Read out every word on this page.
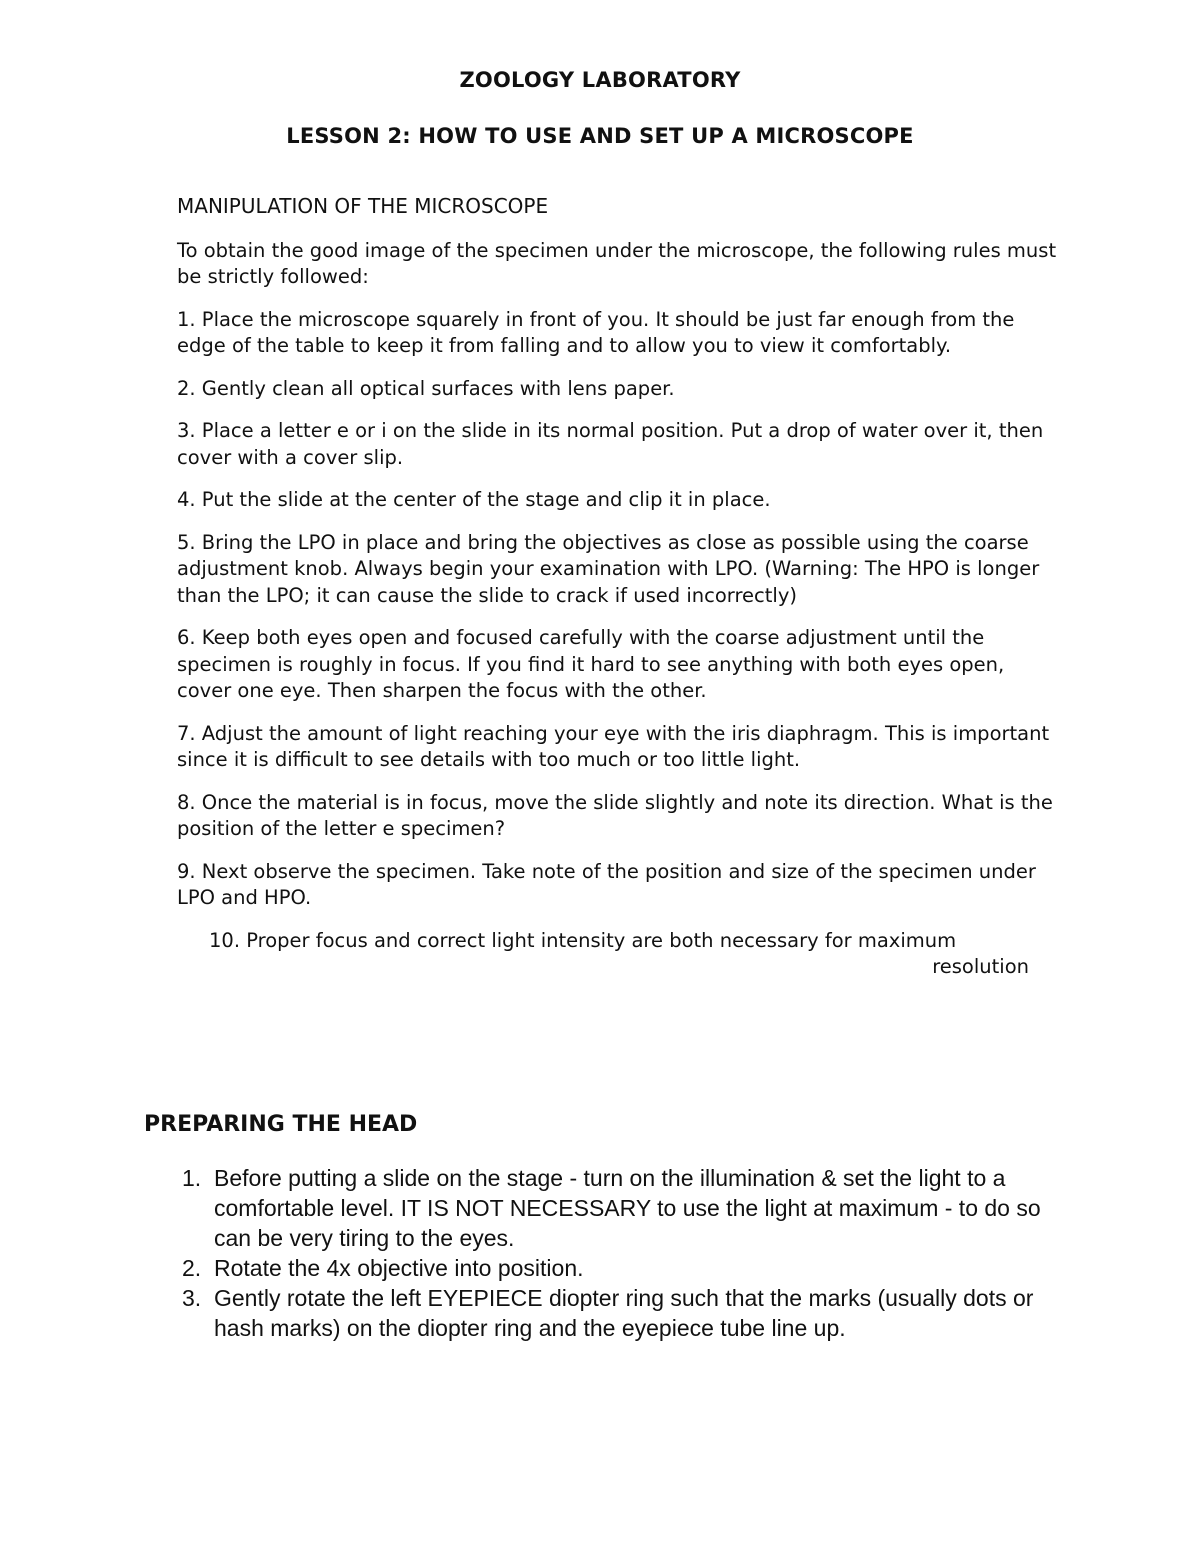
ZOOLOGY LABORATORY
LESSON 2: HOW TO USE AND SET UP A MICROSCOPE
MANIPULATION OF THE MICROSCOPE
To obtain the good image of the specimen under the microscope, the following rules must be strictly followed:
1. Place the microscope squarely in front of you. It should be just far enough from the edge of the table to keep it from falling and to allow you to view it comfortably.
2. Gently clean all optical surfaces with lens paper.
3. Place a letter e or i on the slide in its normal position. Put a drop of water over it, then cover with a cover slip.
4. Put the slide at the center of the stage and clip it in place.
5. Bring the LPO in place and bring the objectives as close as possible using the coarse adjustment knob. Always begin your examination with LPO. (Warning: The HPO is longer than the LPO; it can cause the slide to crack if used incorrectly)
6. Keep both eyes open and focused carefully with the coarse adjustment until the specimen is roughly in focus. If you find it hard to see anything with both eyes open, cover one eye. Then sharpen the focus with the other.
7. Adjust the amount of light reaching your eye with the iris diaphragm. This is important since it is difficult to see details with too much or too little light.
8. Once the material is in focus, move the slide slightly and note its direction. What is the position of the letter e specimen?
9. Next observe the specimen. Take note of the position and size of the specimen under LPO and HPO.
10. Proper focus and correct light intensity are both necessary for maximum
resolution
PREPARING THE HEAD
1. Before putting a slide on the stage - turn on the illumination & set the light to a comfortable level. IT IS NOT NECESSARY to use the light at maximum - to do so can be very tiring to the eyes.
2. Rotate the 4x objective into position.
3. Gently rotate the left EYEPIECE diopter ring such that the marks (usually dots or hash marks) on the diopter ring and the eyepiece tube line up.
